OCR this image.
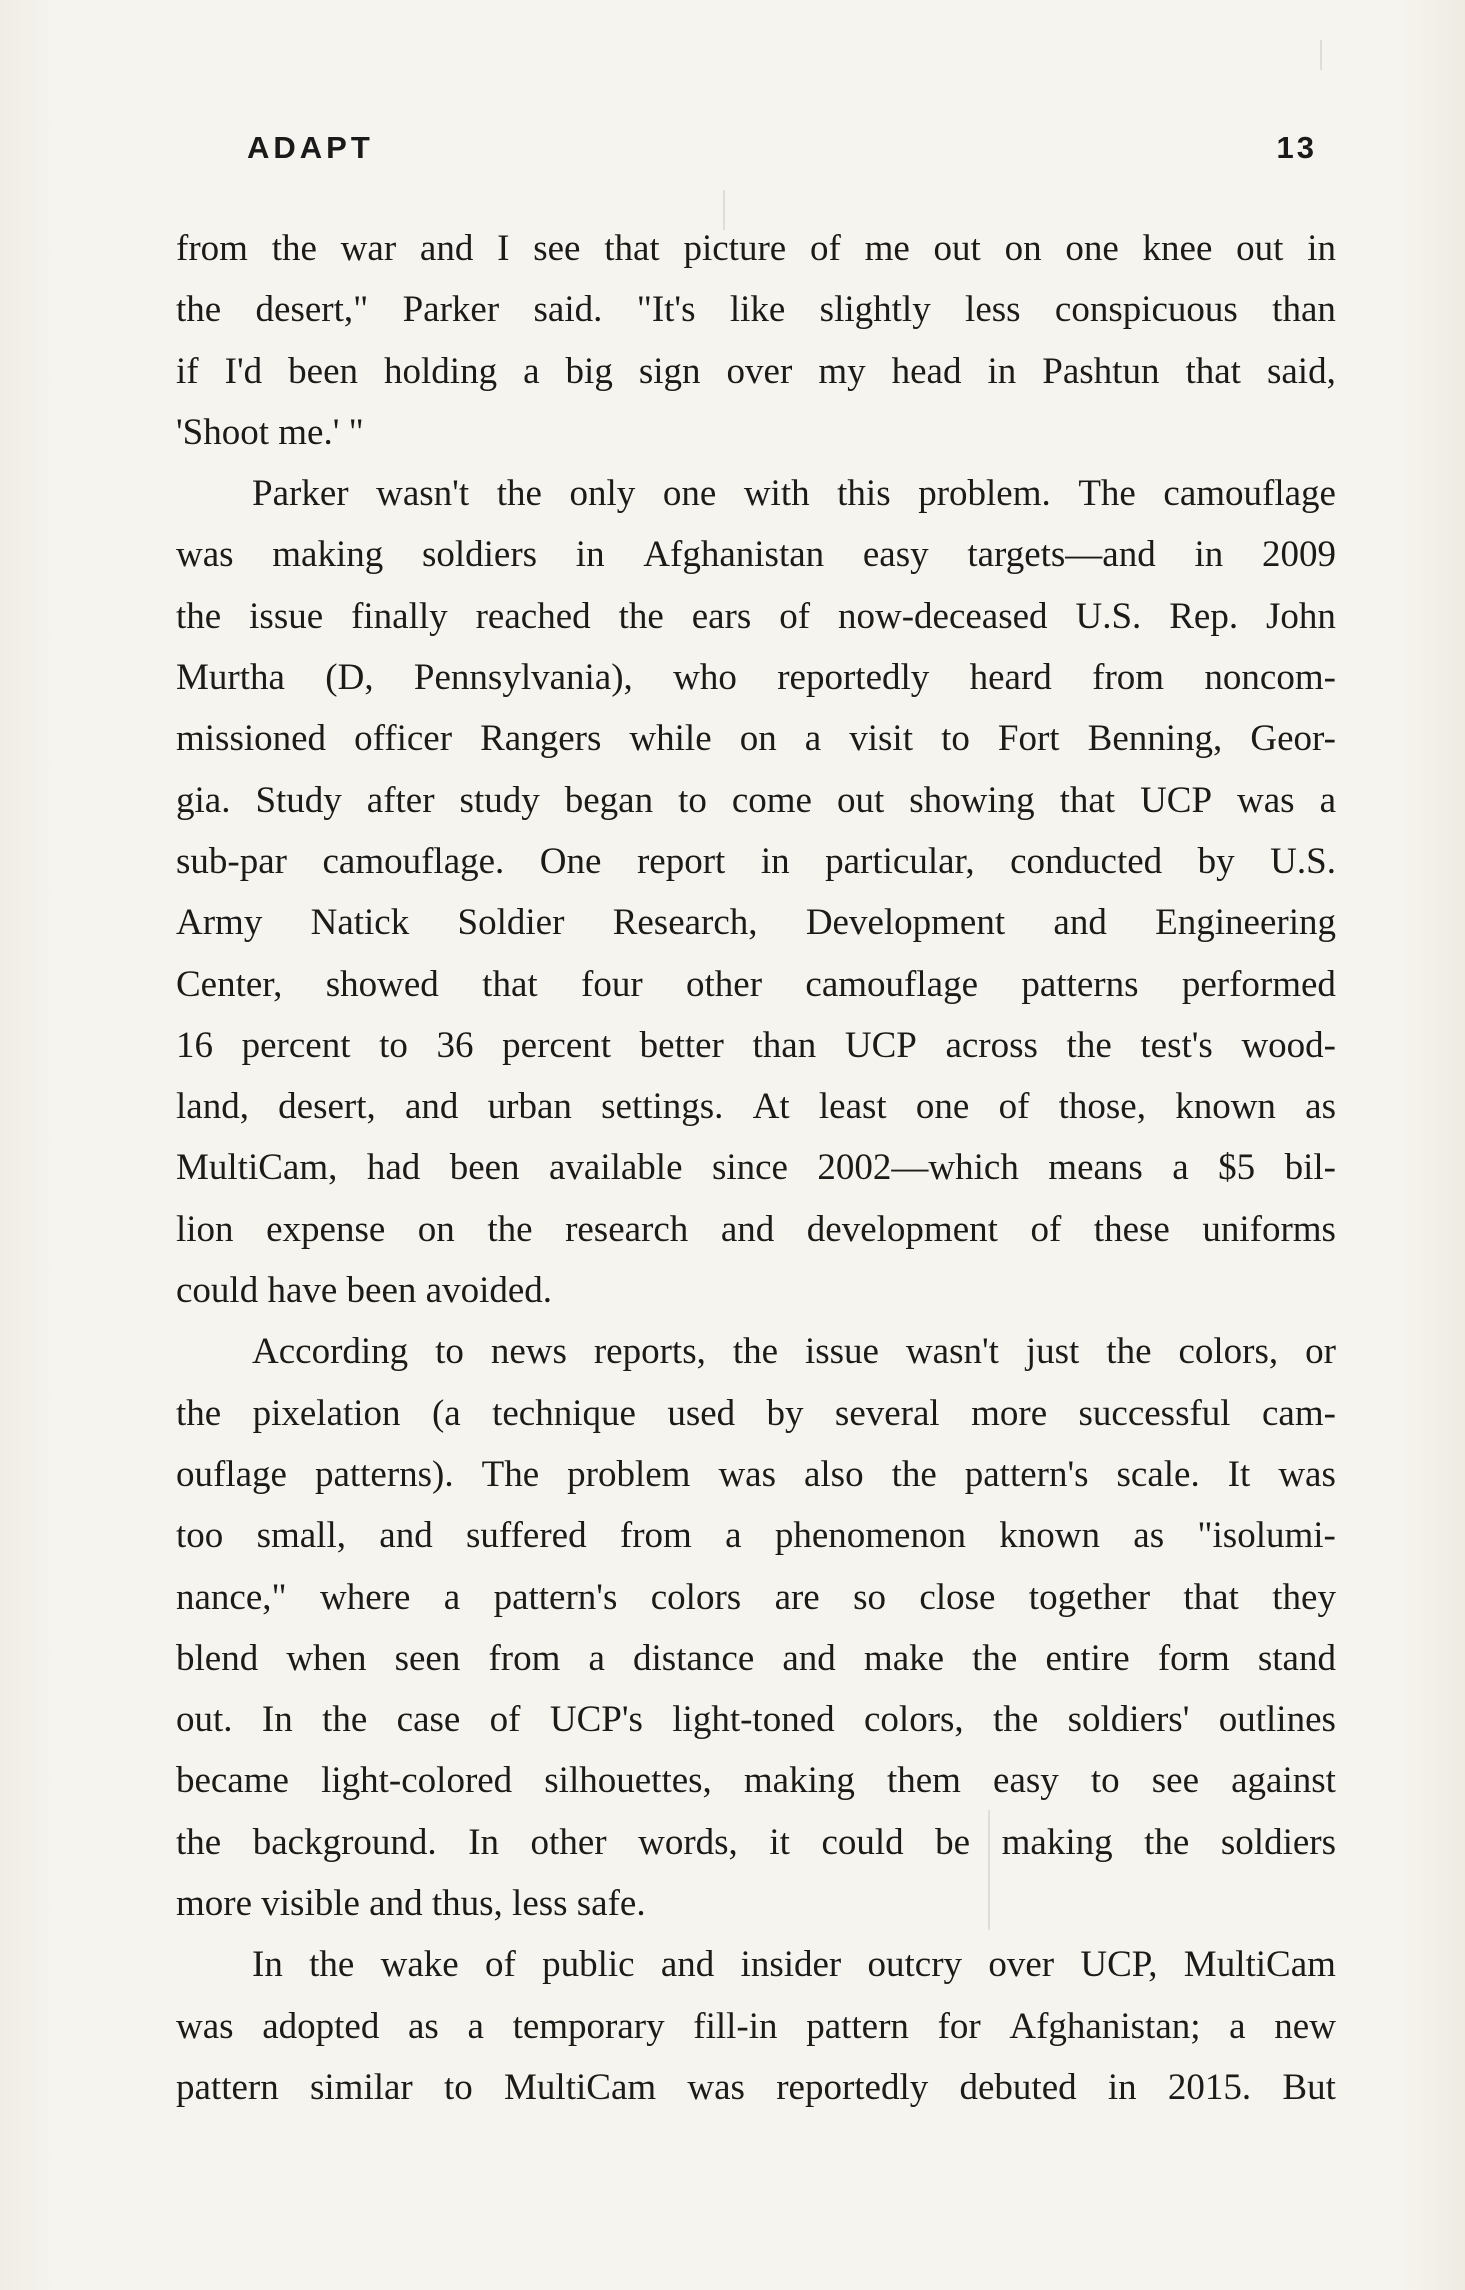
ADAPT	13
from the war and I see that picture of me out on one knee out in
the desert," Parker said. "It's like slightly less conspicuous than
if I'd been holding a big sign over my head in Pashtun that said,
'Shoot me.' "
Parker wasn't the only one with this problem. The camouflage
was making soldiers in Afghanistan easy targets—and in 2009
the issue finally reached the ears of now-deceased U.S. Rep. John
Murtha (D, Pennsylvania), who reportedly heard from noncom-
missioned officer Rangers while on a visit to Fort Benning, Geor-
gia. Study after study began to come out showing that UCP was a
sub-par camouflage. One report in particular, conducted by U.S.
Army Natick Soldier Research, Development and Engineering
Center, showed that four other camouflage patterns performed
16 percent to 36 percent better than UCP across the test's wood-
land, desert, and urban settings. At least one of those, known as
MultiCam, had been available since 2002—which means a $5 bil-
lion expense on the research and development of these uniforms
could have been avoided.
According to news reports, the issue wasn't just the colors, or
the pixelation (a technique used by several more successful cam-
ouflage patterns). The problem was also the pattern's scale. It was
too small, and suffered from a phenomenon known as "isolumi-
nance," where a pattern's colors are so close together that they
blend when seen from a distance and make the entire form stand
out. In the case of UCP's light-toned colors, the soldiers' outlines
became light-colored silhouettes, making them easy to see against
the background. In other words, it could be making the soldiers
more visible and thus, less safe.
In the wake of public and insider outcry over UCP, MultiCam
was adopted as a temporary fill-in pattern for Afghanistan; a new
pattern similar to MultiCam was reportedly debuted in 2015. But
